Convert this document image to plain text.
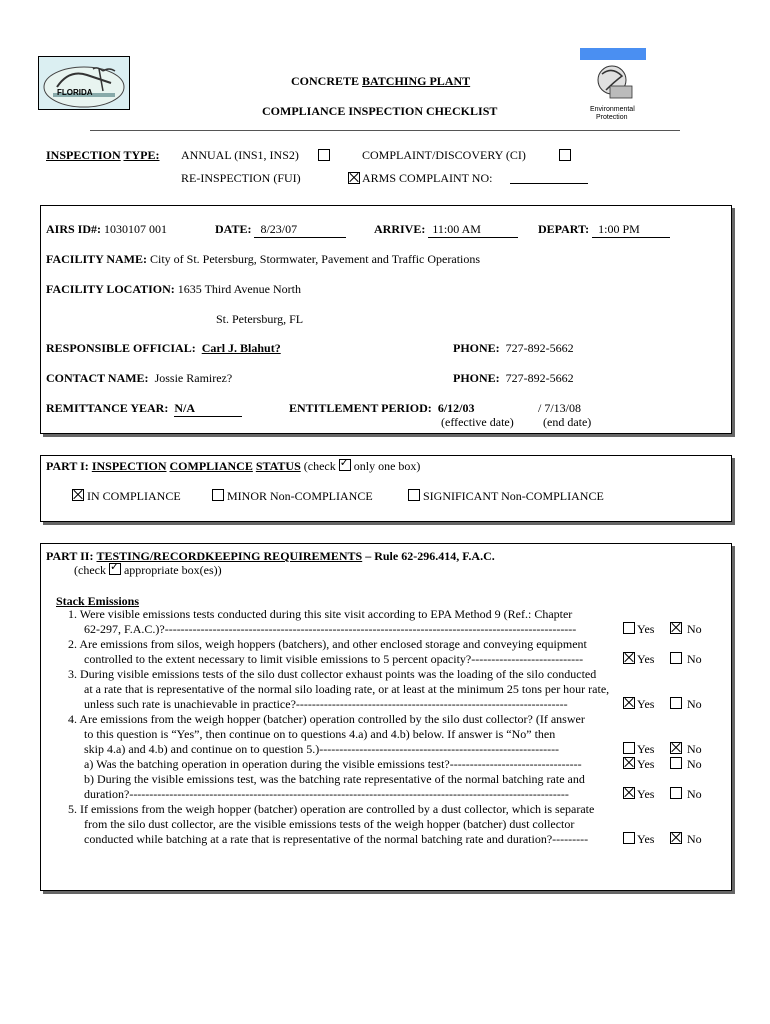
FLORIDA
Environmental
Protection
CONCRETE BATCHING PLANT
COMPLIANCE INSPECTION CHECKLIST
INSPECTION TYPE: ANNUAL (INS1, INS2)
	COMPLAINT/DISCOVERY (CI)

RE-INSPECTION (FUI)	ARMS COMPLAINT NO:
AIRS ID#: 1030107 001	DATE: 8/23/07	ARRIVE: 11:00 AM	DEPART: 1:00 PM
FACILITY NAME: City of St. Petersburg, Stormwater, Pavement and Traffic Operations
FACILITY LOCATION: 1635 Third Avenue North
St. Petersburg, FL
RESPONSIBLE OFFICIAL: Carl J. Blahut?	PHONE: 727-892-5662
CONTACT NAME: Jossie Ramirez?	PHONE: 727-892-5662
REMITTANCE YEAR: N/A	ENTITLEMENT PERIOD: 6/12/03	/ 7/13/08
(effective date) (end date)
PART I: INSPECTION COMPLIANCE STATUS (check ✓ only one box)
IN COMPLIANCE	MINOR Non-COMPLIANCE	SIGNIFICANT Non-COMPLIANCE
PART II: TESTING/RECORDKEEPING REQUIREMENTS – Rule 62-296.414, F.A.C.
(check ✓ appropriate box(es))
Stack Emissions
1. Were visible emissions tests conducted during this site visit according to EPA Method 9 (Ref.: Chapter
62-297, F.A.C.)?-------------------------------------------------------------------------------------------------------	Yes	No
2. Are emissions from silos, weigh hoppers (batchers), and other enclosed storage and conveying equipment
controlled to the extent necessary to limit visible emissions to 5 percent opacity?----------------------------	Yes	No
3. During visible emissions tests of the silo dust collector exhaust points was the loading of the silo conducted
at a rate that is representative of the normal silo loading rate, or at least at the minimum 25 tons per hour rate,
unless such rate is unachievable in practice?--------------------------------------------------------------------	Yes	No
4. Are emissions from the weigh hopper (batcher) operation controlled by the silo dust collector? (If answer
to this question is “Yes”, then continue on to questions 4.a) and 4.b) below. If answer is “No” then
skip 4.a) and 4.b) and continue on to question 5.)------------------------------------------------------------	Yes	No
a) Was the batching operation in operation during the visible emissions test?---------------------------------	Yes	No
b) During the visible emissions test, was the batching rate representative of the normal batching rate and
duration?--------------------------------------------------------------------------------------------------------------	Yes	No
5. If emissions from the weigh hopper (batcher) operation are controlled by a dust collector, which is separate
from the silo dust collector, are the visible emissions tests of the weigh hopper (batcher) dust collector
conducted while batching at a rate that is representative of the normal batching rate and duration?---------	Yes	No
